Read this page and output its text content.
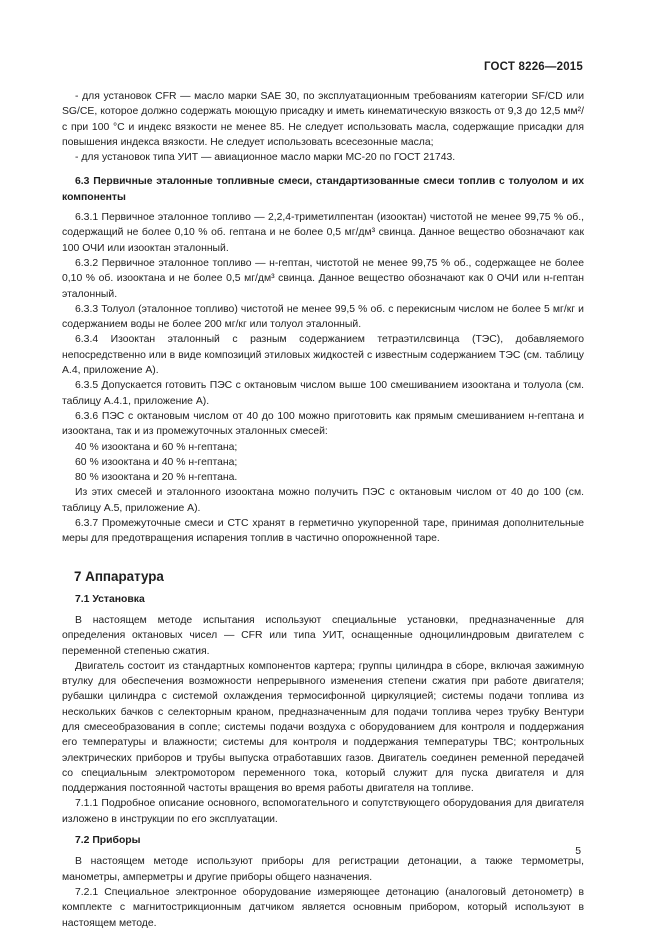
ГОСТ 8226—2015

- для установок CFR — масло марки SAE 30, по эксплуатационным требованиям категории SF/CD или SG/CE, которое должно содержать моющую присадку и иметь кинематическую вязкость от 9,3 до 12,5 мм²/с при 100 °С и индекс вязкости не менее 85. Не следует использовать масла, содержащие присадки для повышения индекса вязкости. Не следует использовать всесезонные масла;

- для установок типа УИТ — авиационное масло марки МС-20 по ГОСТ 21743.

6.3 Первичные эталонные топливные смеси, стандартизованные смеси топлив с толуолом и их компоненты

6.3.1 Первичное эталонное топливо — 2,2,4-триметилпентан (изооктан) чистотой не менее 99,75 % об., содержащий не более 0,10 % об. гептана и не более 0,5 мг/дм³ свинца. Данное вещество обозначают как 100 ОЧИ или изооктан эталонный.

6.3.2 Первичное эталонное топливо — н-гептан, чистотой не менее 99,75 % об., содержащее не более 0,10 % об. изооктана и не более 0,5 мг/дм³ свинца. Данное вещество обозначают как 0 ОЧИ или н-гептан эталонный.

6.3.3 Толуол (эталонное топливо) чистотой не менее 99,5 % об. с перекисным числом не более 5 мг/кг и содержанием воды не более 200 мг/кг или толуол эталонный.

6.3.4 Изооктан эталонный с разным содержанием тетраэтилсвинца (ТЭС), добавляемого непосредственно или в виде композиций этиловых жидкостей с известным содержанием ТЭС (см. таблицу А.4, приложение А).

6.3.5 Допускается готовить ПЭС с октановым числом выше 100 смешиванием изооктана и толуола (см. таблицу А.4.1, приложение А).

6.3.6 ПЭС с октановым числом от 40 до 100 можно приготовить как прямым смешиванием н-гептана и изооктана, так и из промежуточных эталонных смесей:

40 % изооктана и 60 % н-гептана;

60 % изооктана и 40 % н-гептана;

80 % изооктана и 20 % н-гептана.

Из этих смесей и эталонного изооктана можно получить ПЭС с октановым числом от 40 до 100 (см. таблицу А.5, приложение А).

6.3.7 Промежуточные смеси и СТС хранят в герметично укупоренной таре, принимая дополнительные меры для предотвращения испарения топлив в частично опорожненной таре.

7 Аппаратура

7.1 Установка

В настоящем методе испытания используют специальные установки, предназначенные для определения октановых чисел — CFR или типа УИТ, оснащенные одноцилиндровым двигателем с переменной степенью сжатия.

Двигатель состоит из стандартных компонентов картера; группы цилиндра в сборе, включая зажимную втулку для обеспечения возможности непрерывного изменения степени сжатия при работе двигателя; рубашки цилиндра с системой охлаждения термосифонной циркуляцией; системы подачи топлива из нескольких бачков с селекторным краном, предназначенным для подачи топлива через трубку Вентури для смесеобразования в сопле; системы подачи воздуха с оборудованием для контроля и поддержания его температуры и влажности; системы для контроля и поддержания температуры ТВС; контрольных электрических приборов и трубы выпуска отработавших газов. Двигатель соединен ременной передачей со специальным электромотором переменного тока, который служит для пуска двигателя и для поддержания постоянной частоты вращения во время работы двигателя на топливе.

7.1.1 Подробное описание основного, вспомогательного и сопутствующего оборудования для двигателя изложено в инструкции по его эксплуатации.

7.2 Приборы

В настоящем методе используют приборы для регистрации детонации, а также термометры, манометры, амперметры и другие приборы общего назначения.

7.2.1 Специальное электронное оборудование измеряющее детонацию (аналоговый детонометр) в комплекте с магнитострикционным датчиком является основным прибором, который используют в настоящем методе.

5
